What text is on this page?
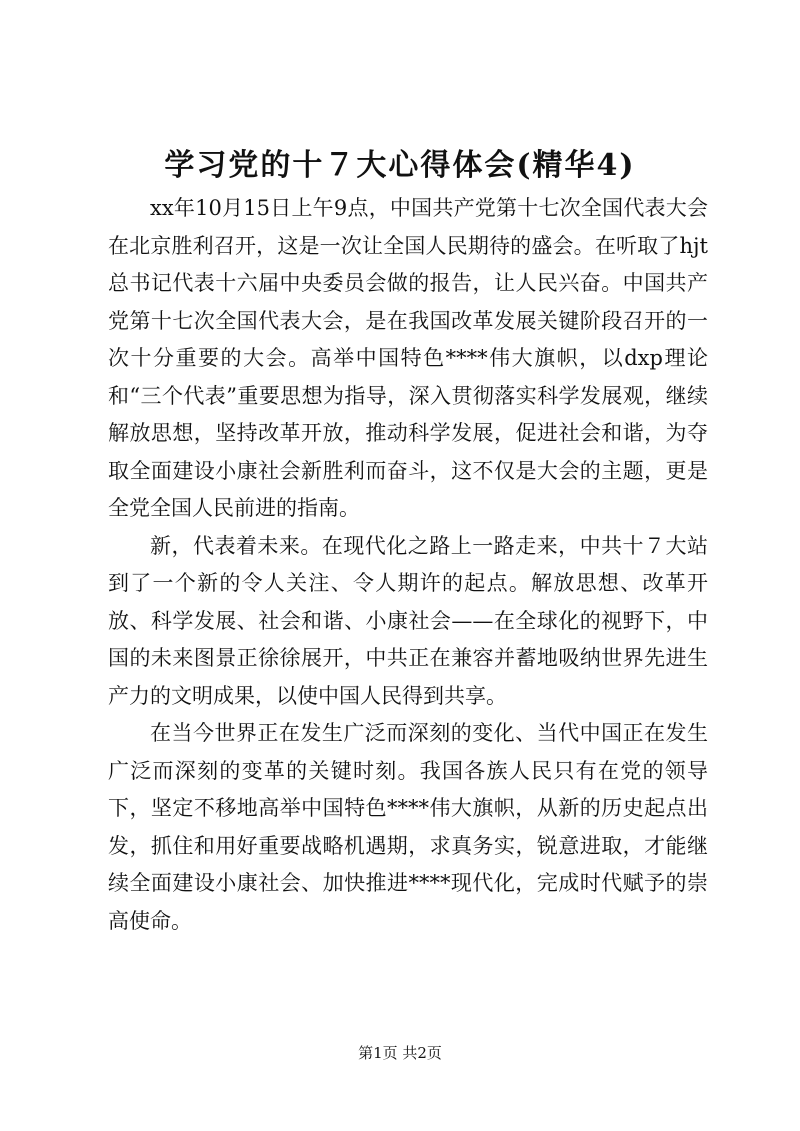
学习党的十７大心得体会(精华4)

xx年10月15日上午9点，中国共产党第十七次全国代表大会在北京胜利召开，这是一次让全国人民期待的盛会。在听取了hjt总书记代表十六届中央委员会做的报告，让人民兴奋。中国共产党第十七次全国代表大会，是在我国改革发展关键阶段召开的一次十分重要的大会。高举中国特色****伟大旗帜，以dxp理论和“三个代表”重要思想为指导，深入贯彻落实科学发展观，继续解放思想，坚持改革开放，推动科学发展，促进社会和谐，为夺取全面建设小康社会新胜利而奋斗，这不仅是大会的主题，更是全党全国人民前进的指南。

新，代表着未来。在现代化之路上一路走来，中共十７大站到了一个新的令人关注、令人期许的起点。解放思想、改革开放、科学发展、社会和谐、小康社会——在全球化的视野下，中国的未来图景正徐徐展开，中共正在兼容并蓄地吸纳世界先进生产力的文明成果，以使中国人民得到共享。

在当今世界正在发生广泛而深刻的变化、当代中国正在发生广泛而深刻的变革的关键时刻。我国各族人民只有在党的领导下，坚定不移地高举中国特色****伟大旗帜，从新的历史起点出发，抓住和用好重要战略机遇期，求真务实，锐意进取，才能继续全面建设小康社会、加快推进****现代化，完成时代赋予的崇高使命。

第1页 共2页
